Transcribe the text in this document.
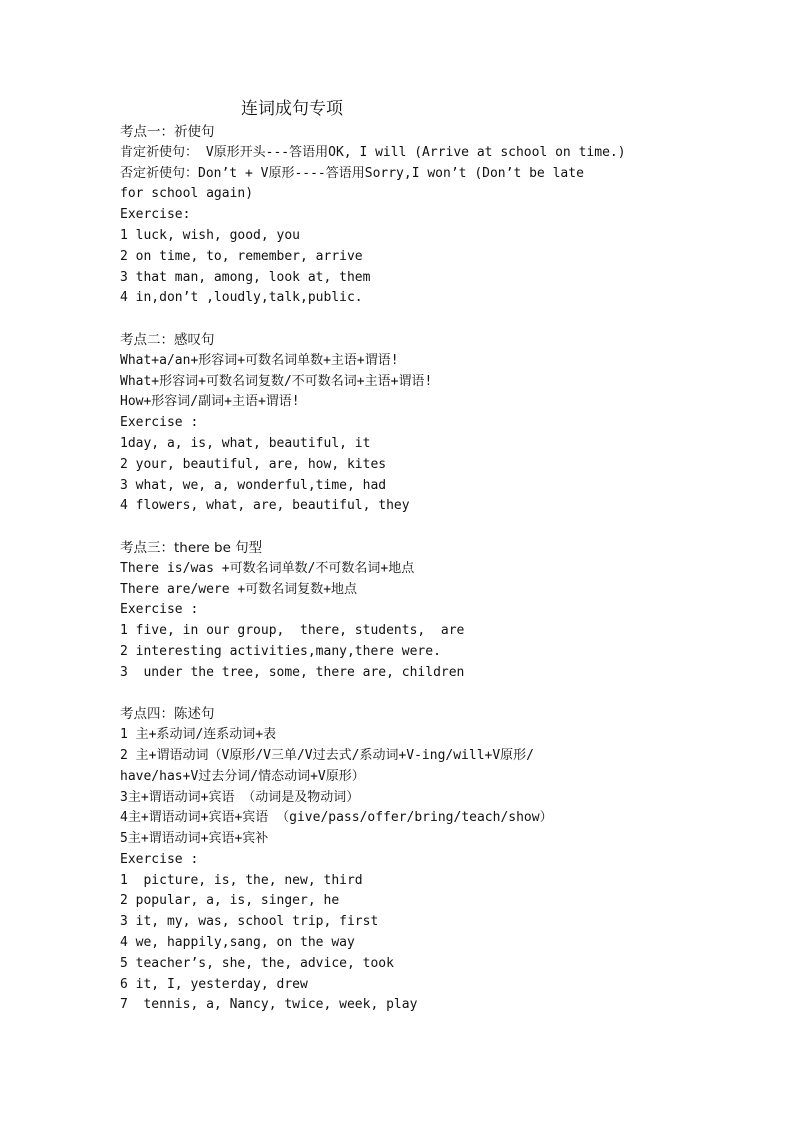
连词成句专项
考点一：祈使句
肯定祈使句： V原形开头---答语用OK, I will (Arrive at school on time.)
否定祈使句：Don’t + V原形----答语用Sorry,I won’t (Don’t be late
for school again)
Exercise:
1 luck, wish, good, you
2 on time, to, remember, arrive
3 that man, among, look at, them
4 in,don’t ,loudly,talk,public.
考点二：感叹句
What+a/an+形容词+可数名词单数+主语+谓语!
What+形容词+可数名词复数/不可数名词+主语+谓语!
How+形容词/副词+主语+谓语!
Exercise :
1day, a, is, what, beautiful, it
2 your, beautiful, are, how, kites
3 what, we, a, wonderful,time, had
4 flowers, what, are, beautiful, they
考点三：there be 句型
There is/was +可数名词单数/不可数名词+地点
There are/were +可数名词复数+地点
Exercise :
1 five, in our group,  there, students,  are
2 interesting activities,many,there were.
3  under the tree, some, there are, children
考点四：陈述句
1 主+系动词/连系动词+表
2 主+谓语动词（V原形/V三单/V过去式/系动词+V-ing/will+V原形/
have/has+V过去分词/情态动词+V原形）
3主+谓语动词+宾语 （动词是及物动词）
4主+谓语动词+宾语+宾语 （give/pass/offer/bring/teach/show）
5主+谓语动词+宾语+宾补
Exercise :
1  picture, is, the, new, third
2 popular, a, is, singer, he
3 it, my, was, school trip, first
4 we, happily,sang, on the way
5 teacher’s, she, the, advice, took
6 it, I, yesterday, drew
7  tennis, a, Nancy, twice, week, play
